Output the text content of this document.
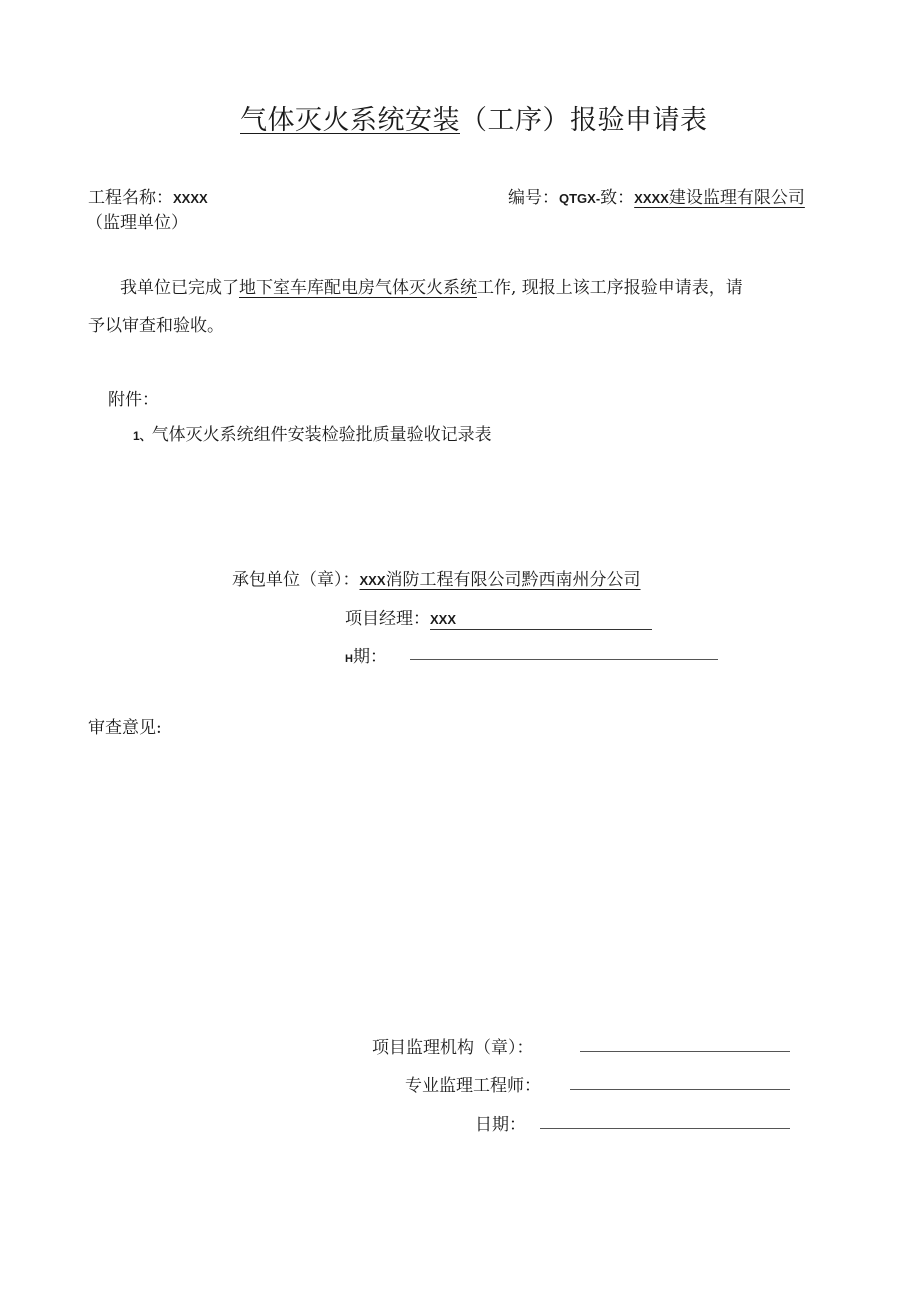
气体灭火系统安装（工序）报验申请表
工程名称：XXXX	编号：QTGX-致：XXXX建设监理有限公司
（监理单位）
我单位已完成了地下室车库配电房气体灭火系统工作, 现报上该工序报验申请表，请
予以审查和验收。
附件：
1、气体灭火系统组件安装检验批质量验收记录表
承包单位（章）：XXX消防工程有限公司黔西南州分公司
项目经理：XXX
H期：
审查意见:
项目监理机构（章）：
专业监理工程师：
日期：
